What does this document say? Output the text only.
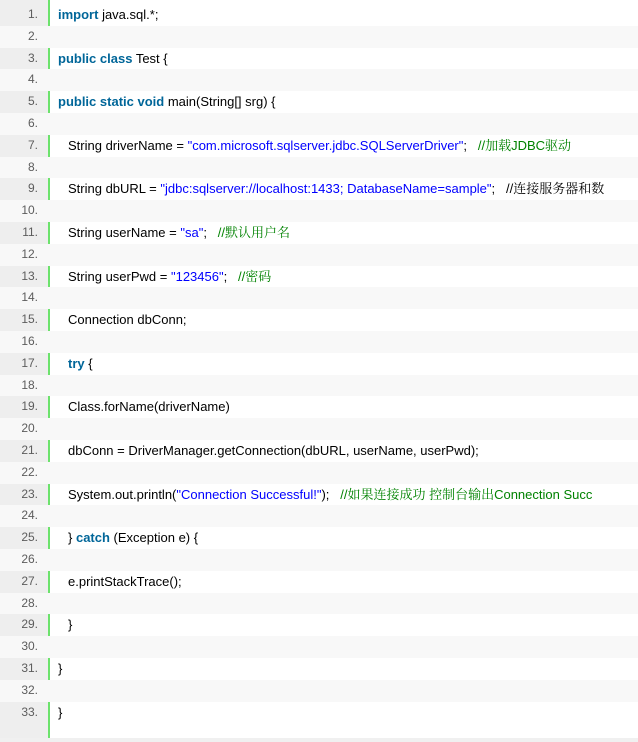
1. import java.sql.*;
2.
3. public class Test {
4.
5. public static void main(String[] srg) {
6.
7. String driverName = "com.microsoft.sqlserver.jdbc.SQLServerDriver";   //加载JDBC驱动
8.
9. String dbURL = "jdbc:sqlserver://localhost:1433; DatabaseName=sample";   //连接服务器和数
10.
11. String userName = "sa";   //默认用户名
12.
13. String userPwd = "123456";   //密码
14.
15. Connection dbConn;
16.
17. try {
18.
19. Class.forName(driverName)
20.
21. dbConn = DriverManager.getConnection(dbURL, userName, userPwd);
22.
23. System.out.println("Connection Successful!");   //如果连接成功 控制台输出Connection Succ
24.
25. } catch (Exception e) {
26.
27. e.printStackTrace();
28.
29. }
30.
31. }
32.
33. }
